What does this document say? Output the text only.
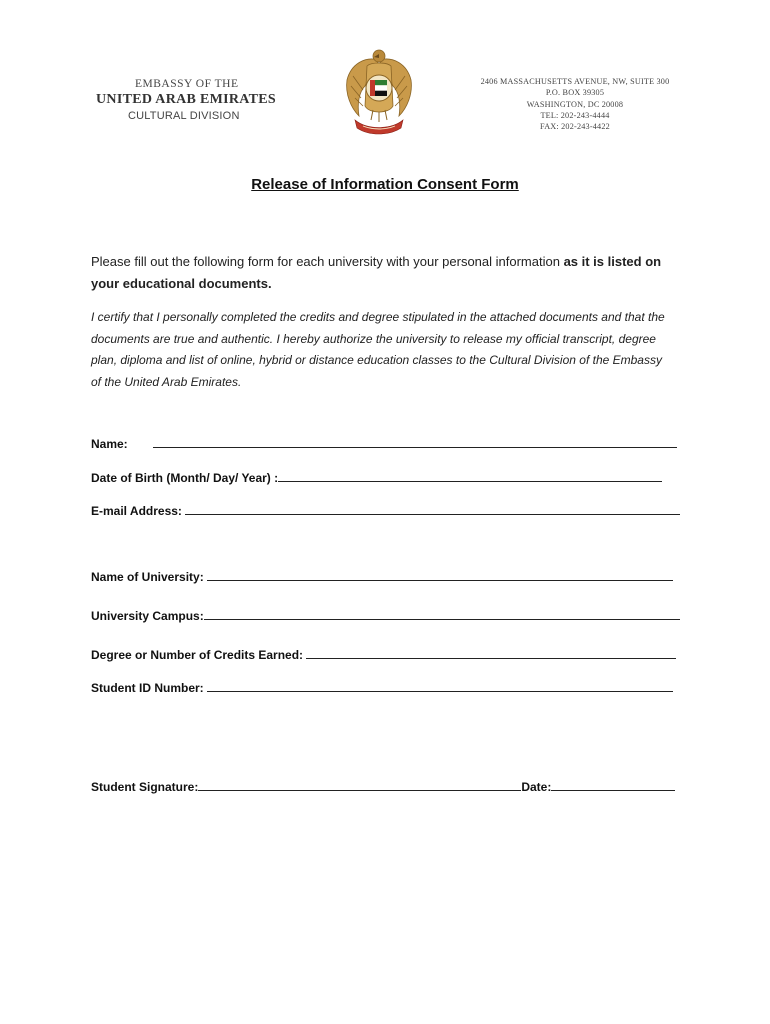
EMBASSY OF THE
UNITED ARAB EMIRATES
CULTURAL DIVISION
2406 MASSACHUSETTS AVENUE, NW, SUITE 300
P.O. BOX 39305
WASHINGTON, DC 20008
TEL: 202-243-4444
FAX: 202-243-4422
Release of Information Consent Form
Please fill out the following form for each university with your personal information as it is listed on your educational documents.
I certify that I personally completed the credits and degree stipulated in the attached documents and that the documents are true and authentic. I hereby authorize the university to release my official transcript, degree plan, diploma and list of online, hybrid or distance education classes to the Cultural Division of the Embassy of the United Arab Emirates.
Name:
Date of Birth (Month/ Day/ Year) :
E-mail Address:
Name of University:
University Campus:
Degree or Number of Credits Earned:
Student ID Number:
Student Signature:	Date:
